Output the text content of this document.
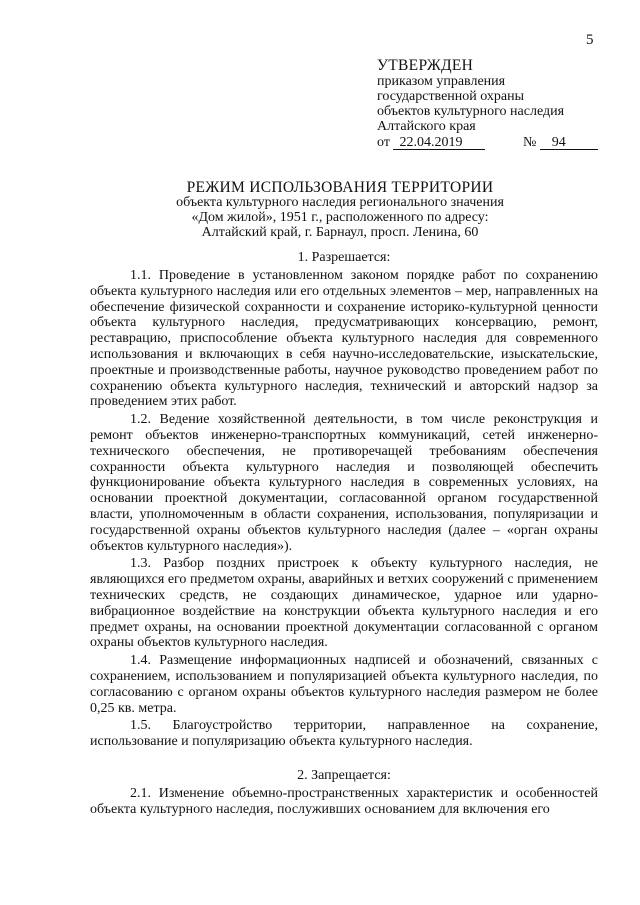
5
УТВЕРЖДЕН
приказом управления
государственной охраны
объектов культурного наследия
Алтайского края
от 22.04.2019	№ 94
РЕЖИМ ИСПОЛЬЗОВАНИЯ ТЕРРИТОРИИ
объекта культурного наследия регионального значения
«Дом жилой», 1951 г., расположенного по адресу:
Алтайский край, г. Барнаул, просп. Ленина, 60
1. Разрешается:

1.1. Проведение в установленном законом порядке работ по сохранению объекта культурного наследия или его отдельных элементов – мер, направленных на обеспечение физической сохранности и сохранение историко-культурной ценности объекта культурного наследия, предусматривающих консервацию, ремонт, реставрацию, приспособление объекта культурного наследия для современного использования и включающих в себя научно-исследовательские, изыскательские, проектные и производственные работы, научное руководство проведением работ по сохранению объекта культурного наследия, технический и авторский надзор за проведением этих работ.

1.2. Ведение хозяйственной деятельности, в том числе реконструкция и ремонт объектов инженерно-транспортных коммуникаций, сетей инженерно-технического обеспечения, не противоречащей требованиям обеспечения сохранности объекта культурного наследия и позволяющей обеспечить функционирование объекта культурного наследия в современных условиях, на основании проектной документации, согласованной органом государственной власти, уполномоченным в области сохранения, использования, популяризации и государственной охраны объектов культурного наследия (далее – «орган охраны объектов культурного наследия»).

1.3. Разбор поздних пристроек к объекту культурного наследия, не являющихся его предметом охраны, аварийных и ветхих сооружений с применением технических средств, не создающих динамическое, ударное или ударно-вибрационное воздействие на конструкции объекта культурного наследия и его предмет охраны, на основании проектной документации согласованной с органом охраны объектов культурного наследия.

1.4. Размещение информационных надписей и обозначений, связанных с сохранением, использованием и популяризацией объекта культурного наследия, по согласованию с органом охраны объектов культурного наследия размером не более 0,25 кв. метра.

1.5. Благоустройство территории, направленное на сохранение, использование и популяризацию объекта культурного наследия.

2. Запрещается:

2.1. Изменение объемно-пространственных характеристик и особенностей объекта культурного наследия, послуживших основанием для включения его
